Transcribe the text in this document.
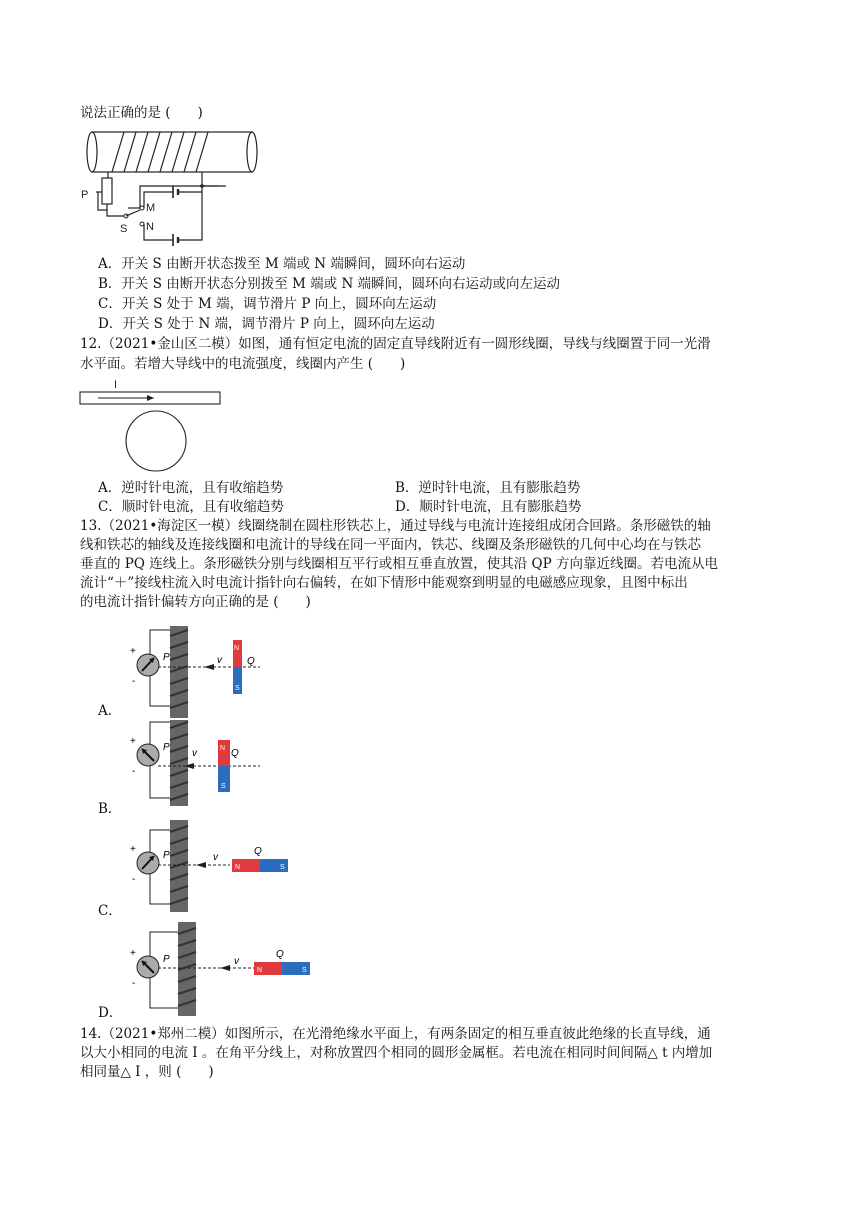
说法正确的是 (　　)
P
M
N
S
A．开关 S 由断开状态拨至 M 端或 N 端瞬间，圆环向右运动
B．开关 S 由断开状态分别拨至 M 端或 N 端瞬间，圆环向右运动或向左运动
C．开关 S 处于 M 端，调节滑片 P 向上，圆环向左运动
D．开关 S 处于 N 端，调节滑片 P 向上，圆环向左运动
12.（2021•金山区二模）如图，通有恒定电流的固定直导线附近有一圆形线圈，导线与线圈置于同一光滑
水平面。若增大导线中的电流强度，线圈内产生 (　　)
I
A．逆时针电流，且有收缩趋势	B．逆时针电流，且有膨胀趋势
C．顺时针电流，且有收缩趋势	D．顺时针电流，且有膨胀趋势
13.（2021•海淀区一模）线圈绕制在圆柱形铁芯上，通过导线与电流计连接组成闭合回路。条形磁铁的轴
线和铁芯的轴线及连接线圈和电流计的导线在同一平面内，铁芯、线圈及条形磁铁的几何中心均在与铁芯
垂直的 PQ 连线上。条形磁铁分别与线圈相互平行或相互垂直放置，使其沿 QP 方向靠近线圈。若电流从电
流计“＋”接线柱流入时电流计指针向右偏转，在如下情形中能观察到明显的电磁感应现象，且图中标出
的电流计指针偏转方向正确的是 (　　)
+
-
P	v
N
S
Q
A．
+
-
P
v	N
S
Q
B．
+
-
P	v
N	S
Q
C．
+
-
P	v
N	S
Q
D．
14.（2021•郑州二模）如图所示，在光滑绝缘水平面上，有两条固定的相互垂直彼此绝缘的长直导线，通
以大小相同的电流 I 。在角平分线上，对称放置四个相同的圆形金属框。若电流在相同时间间隔△ t 内增加
相同量△ I ，则 (　　)
